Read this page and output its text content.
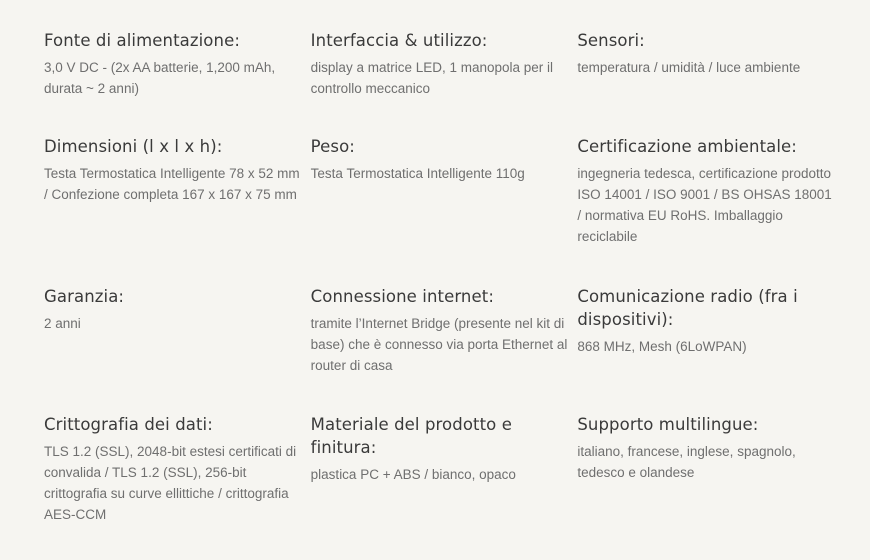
Fonte di alimentazione:

3,0 V DC - (2x AA batterie, 1,200 mAh, durata ~ 2 anni)

Interfaccia & utilizzo:

display a matrice LED, 1 manopola per il controllo meccanico

Sensori:

temperatura / umidità / luce ambiente

Dimensioni (l x l x h):

Testa Termostatica Intelligente 78 x 52 mm / Confezione completa 167 x 167 x 75 mm

Peso:

Testa Termostatica Intelligente 110g

Certificazione ambientale:

ingegneria tedesca, certificazione prodotto ISO 14001 / ISO 9001 / BS OHSAS 18001 / normativa EU RoHS. Imballaggio reciclabile

Garanzia:

2 anni

Connessione internet:

tramite l’Internet Bridge (presente nel kit di base) che è connesso via porta Ethernet al router di casa

Comunicazione radio (fra i dispositivi):

868 MHz, Mesh (6LoWPAN)

Crittografia dei dati:

TLS 1.2 (SSL), 2048-bit estesi certificati di convalida / TLS 1.2 (SSL), 256-bit crittografia su curve ellittiche / crittografia AES-CCM

Materiale del prodotto e finitura:

plastica PC + ABS / bianco, opaco

Supporto multilingue:

italiano, francese, inglese, spagnolo, tedesco e olandese
